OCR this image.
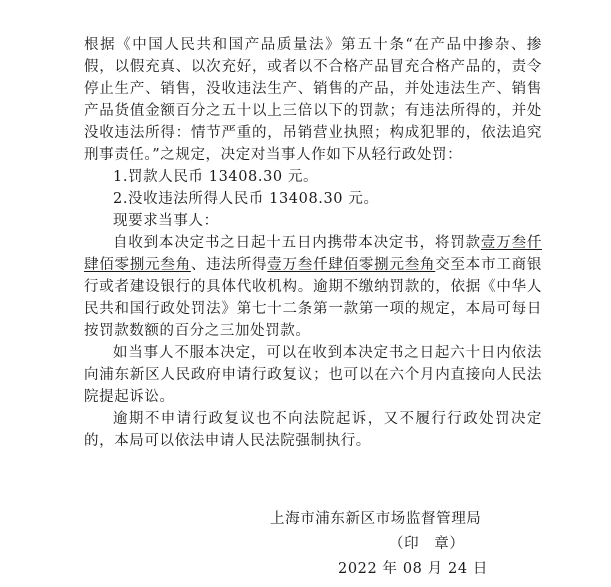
根据《中国人民共和国产品质量法》第五十条“在产品中掺杂、掺假，以假充真、以次充好，或者以不合格产品冒充合格产品的，责令停止生产、销售，没收违法生产、销售的产品，并处违法生产、销售产品货值金额百分之五十以上三倍以下的罚款；有违法所得的，并处没收违法所得：情节严重的，吊销营业执照；构成犯罪的，依法追究刑事责任。”之规定，决定对当事人作如下从轻行政处罚：

1.罚款人民币 13408.30 元。

2.没收违法所得人民币 13408.30 元。

现要求当事人：

自收到本决定书之日起十五日内携带本决定书，将罚款壹万叁仟肆佰零捌元叁角、违法所得壹万叁仟肆佰零捌元叁角交至本市工商银行或者建设银行的具体代收机构。逾期不缴纳罚款的，依据《中华人民共和国行政处罚法》第七十二条第一款第一项的规定，本局可每日按罚款数额的百分之三加处罚款。

如当事人不服本决定，可以在收到本决定书之日起六十日内依法向浦东新区人民政府申请行政复议；也可以在六个月内直接向人民法院提起诉讼。

逾期不申请行政复议也不向法院起诉，又不履行行政处罚决定的，本局可以依法申请人民法院强制执行。

上海市浦东新区市场监督管理局
（印　章）
2022 年 08 月 24 日
